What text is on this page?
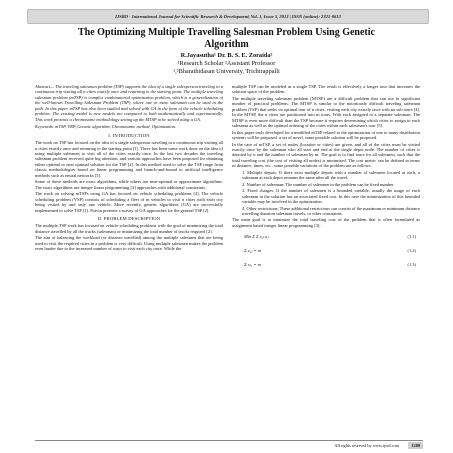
IJSRD - International Journal for Scientific Research & Development| Vol. 1, Issue 5, 2013 | ISSN (online): 2321-0613
The Optimizing Multiple Travelling Salesman Problem Using Genetic Algorithm
R.Jayasutha¹ Dr. B. S. E. Zoraida²
¹Research Scholar ²Assistant Professor
¹,²Bharathidasan University, Trichirappalli

Abstract— The traveling salesman problem (TSP) supports the idea of a single salesperson traveling in a continuous trip visiting all n cities exactly once and returning to the starting point. The multiple traveling salesman problem (mTSP) is complex combinatorial optimization problem, which is a generalization of the well-known Travelling Salesman Problem (TSP), where one or more salesman can be used in the path. In this paper mTSP has also been studied and solved with GA in the form of the vehicle scheduling problem. The existing model is new models are compared to both mathematically and experimentally. This work presents a chromosome methodology setting up the MTSP to be solved using a GA.

Keywords: mTSP, VRP, Genetic algorithm, Chromosome method, Optimization.

I. INTRODUCTION

The work on TSP has focused on the idea of a single salesperson traveling in a continuous trip visiting all n cities exactly once and returning to the starting point [1]. There has been some work done on the idea of using multiple salesmen to visit all of the cities exactly once. In the last two decades the traveling salesman problem received quite big attention, and various approaches have been proposed for obtaining either optimal or near optimal solution for the TSP [2]. In this method used to solve the TSP range from classic methodologies based on linear programming and branch-and-bound to artificial intelligence methods such as neural networks [5].

Some of these methods are exact algorithms, while others are near-optimal or approximate algorithms. The exact algorithms use integer linear programming [3] approaches with additional constraints.

The work on solving mTSPs using GA has focused on vehicle scheduling problems [4]. The vehicle scheduling problem (VSP) consists of scheduling a fleet of m vehicles to visit n cities with each city being visited by and only one vehicle. More recently, genetic algorithms (GA) are successfully implemented to solve TSP [1]. Potvin presents a survey of GA approaches for the general TSP [2].

II. PROBLEM DESCRIPTION

The multiple TSP work has focused on vehicle scheduling problems with the goal of minimizing the total distance travelled by all the trucks (salesman) or minimizing the total number of trucks required [2].

The aim of balancing the workload (or distance travelled) among the multiple salesmen that are being used to visit the required cities in a problem is very difficult. Using multiple salesmen makes the problem even harder due to the increased number of ways to visit each city once. While the

multiple TSP can be modeled as a single TSP, The result is effectively a longer tour that increases the solution space of the problem.

The multiple traveling salesman problem (MTSP) are a difficult problem that can use to significant number of practical problems. The MTSP is similar to the notoriously difficult traveling salesman problem (TSP) that seeks on optimal tour of n cities, visiting each city exactly once with no sub tours [4]. In the MTSP, the n cities are partitioned into m tours. With each assigned to a separate salesman. The MTSP is even more difficult than the TSP because it requires determining which cities to assign to each salesman as well as the optimal ordering of the cities within each salesman's tour [5].

In this paper tools developed for a modified mTSP related to the optimization of one to many distribution systems will be proposed. a set of novel, some possible solution will be proposed.

In the case of mTSP, a set of nodes (location or cities) are given, and all of the cities must be visited exactly once by the salesman who all start and end at the single depot node. The number of cities is denoted by n and the number of salesman by m. The goal is to find tours for all salesmen, such that the total traveling cost (the cost of visiting all nodes) is minimized. The cost metric can be defined in terms of distance, times, etc., some possible variations of the problem are as follows.

1. Multiple depots: If there exist multiple depots with a number of salesmen located at each, a salesman at each depot remains the same after all the travel.
2. Number of salesman: The number of salesmen in the problem can be fixed number.
3. Fixed charges: If the number of salesmen is a bounded variable, usually the usage of each salesman in the solution has an associated fixed cost. In this case the minimization of this bounded variable may be involved in the optimization.
4. Other restrictions: These additional restrictions can consist of the maximum or minimum distance travelling duration salesman travels, or other constraints.

The main goal is to minimize the total traveling cost of the problem that is often formulated as assignment based integer linear programming [3]:

Min Σ Σ cᵢⱼ xᵢⱼ	(1.1)
Σ x₁ⱼ = m	(1.2)
Σ xⱼ₁ = m	(1.3)
All rights reserved by www.ijsrd.com	1200
